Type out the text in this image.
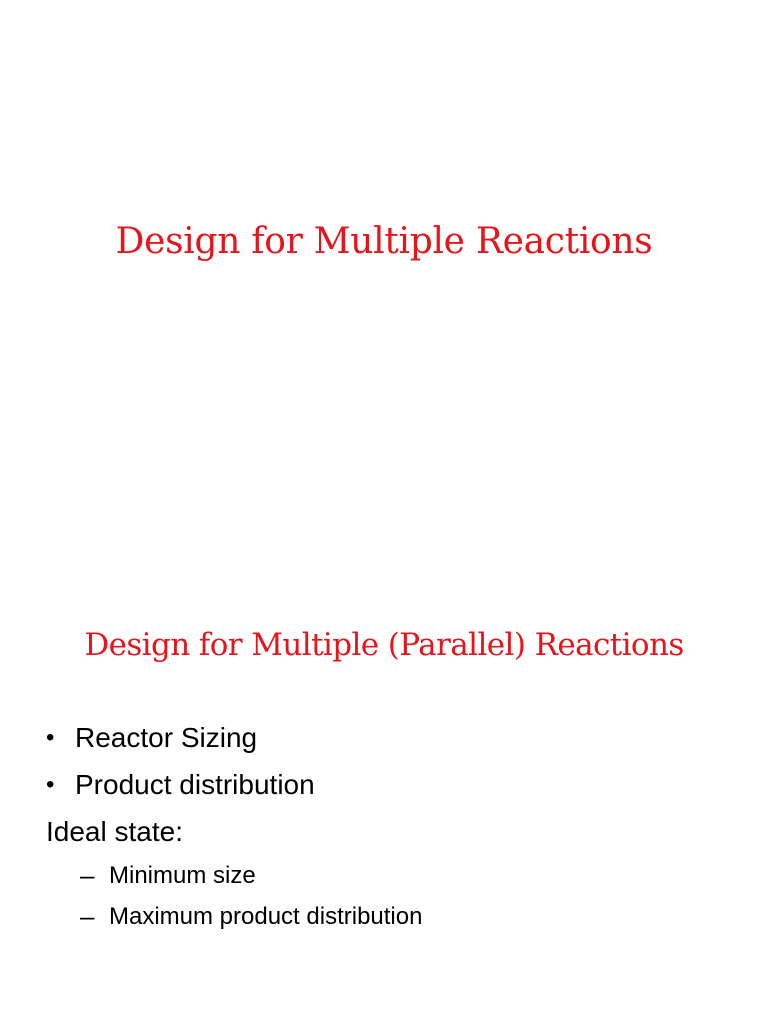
Design for Multiple Reactions
Design for Multiple (Parallel) Reactions
• Reactor Sizing
• Product distribution
Ideal state:
– Minimum size
– Maximum product distribution
